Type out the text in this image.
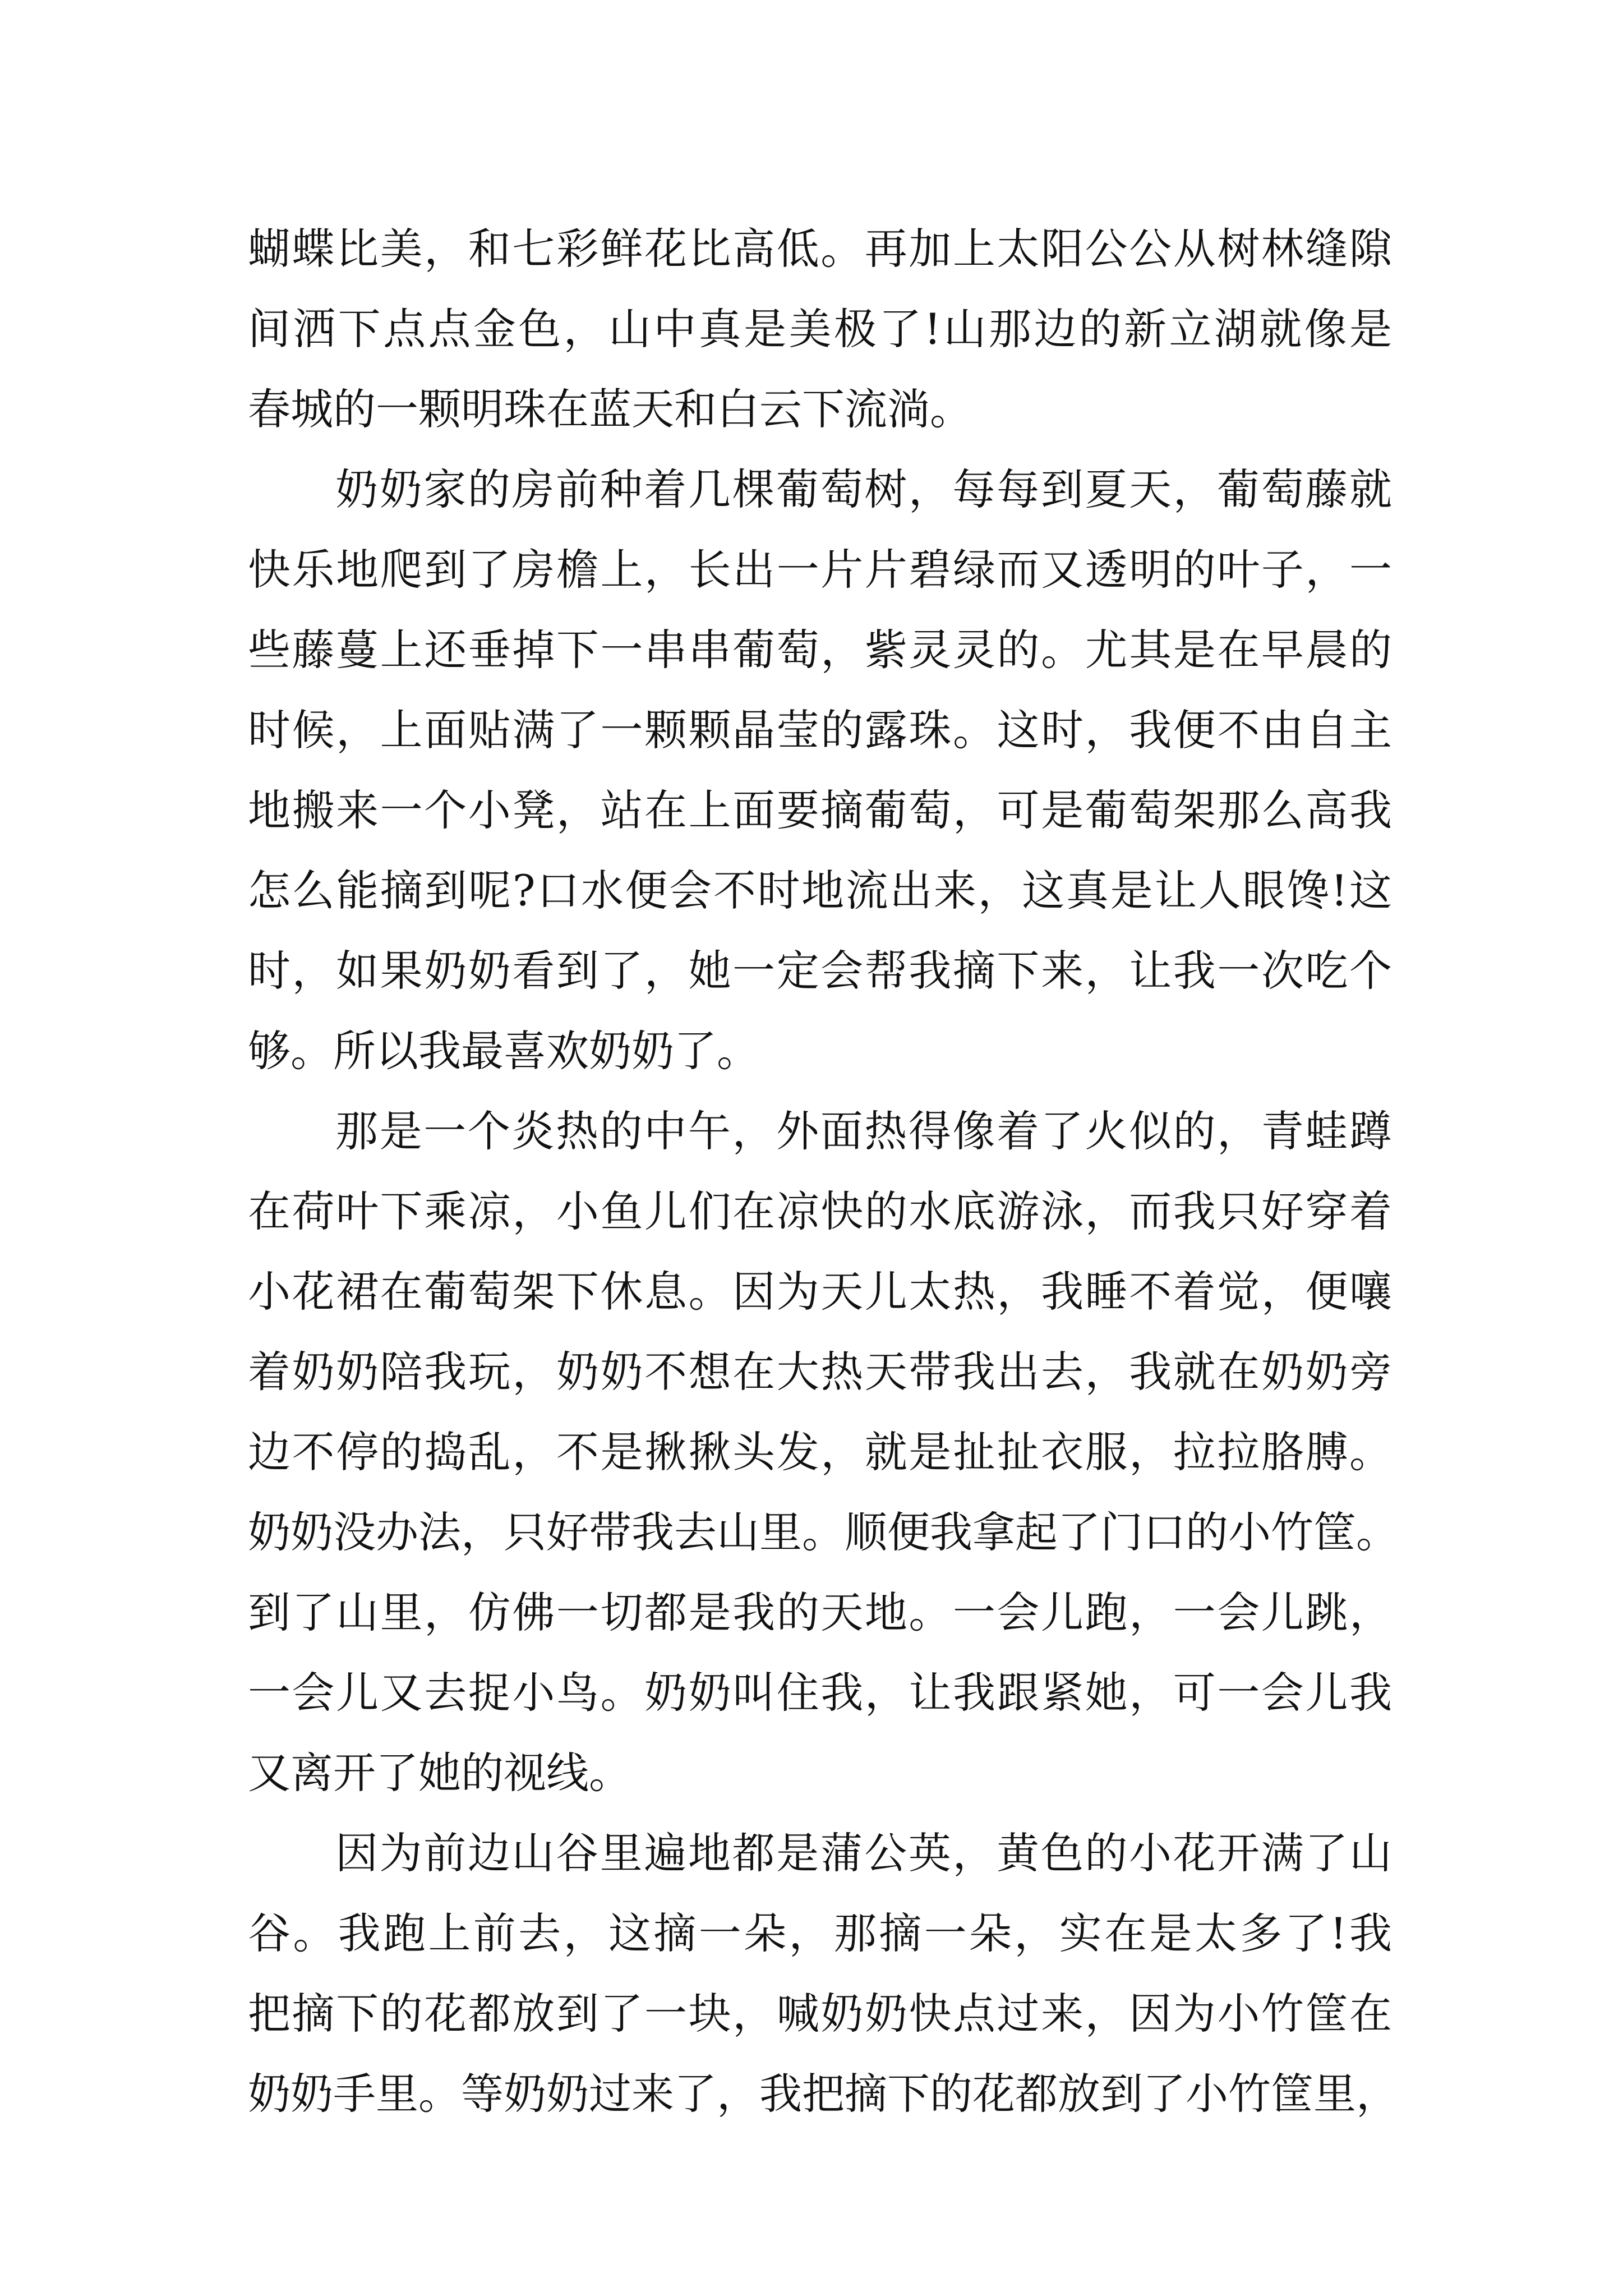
蝴蝶比美，和七彩鲜花比高低。再加上太阳公公从树林缝隙
间洒下点点金色，山中真是美极了!山那边的新立湖就像是
春城的一颗明珠在蓝天和白云下流淌。
奶奶家的房前种着几棵葡萄树，每每到夏天，葡萄藤就
快乐地爬到了房檐上，长出一片片碧绿而又透明的叶子，一
些藤蔓上还垂掉下一串串葡萄，紫灵灵的。尤其是在早晨的
时候，上面贴满了一颗颗晶莹的露珠。这时，我便不由自主
地搬来一个小凳，站在上面要摘葡萄，可是葡萄架那么高我
怎么能摘到呢?口水便会不时地流出来，这真是让人眼馋!这
时，如果奶奶看到了，她一定会帮我摘下来，让我一次吃个
够。所以我最喜欢奶奶了。
那是一个炎热的中午，外面热得像着了火似的，青蛙蹲
在荷叶下乘凉，小鱼儿们在凉快的水底游泳，而我只好穿着
小花裙在葡萄架下休息。因为天儿太热，我睡不着觉，便嚷
着奶奶陪我玩，奶奶不想在大热天带我出去，我就在奶奶旁
边不停的捣乱，不是揪揪头发，就是扯扯衣服，拉拉胳膊。
奶奶没办法，只好带我去山里。顺便我拿起了门口的小竹筐。
到了山里，仿佛一切都是我的天地。一会儿跑，一会儿跳，
一会儿又去捉小鸟。奶奶叫住我，让我跟紧她，可一会儿我
又离开了她的视线。
因为前边山谷里遍地都是蒲公英，黄色的小花开满了山
谷。我跑上前去，这摘一朵，那摘一朵，实在是太多了!我
把摘下的花都放到了一块，喊奶奶快点过来，因为小竹筐在
奶奶手里。等奶奶过来了，我把摘下的花都放到了小竹筐里，
